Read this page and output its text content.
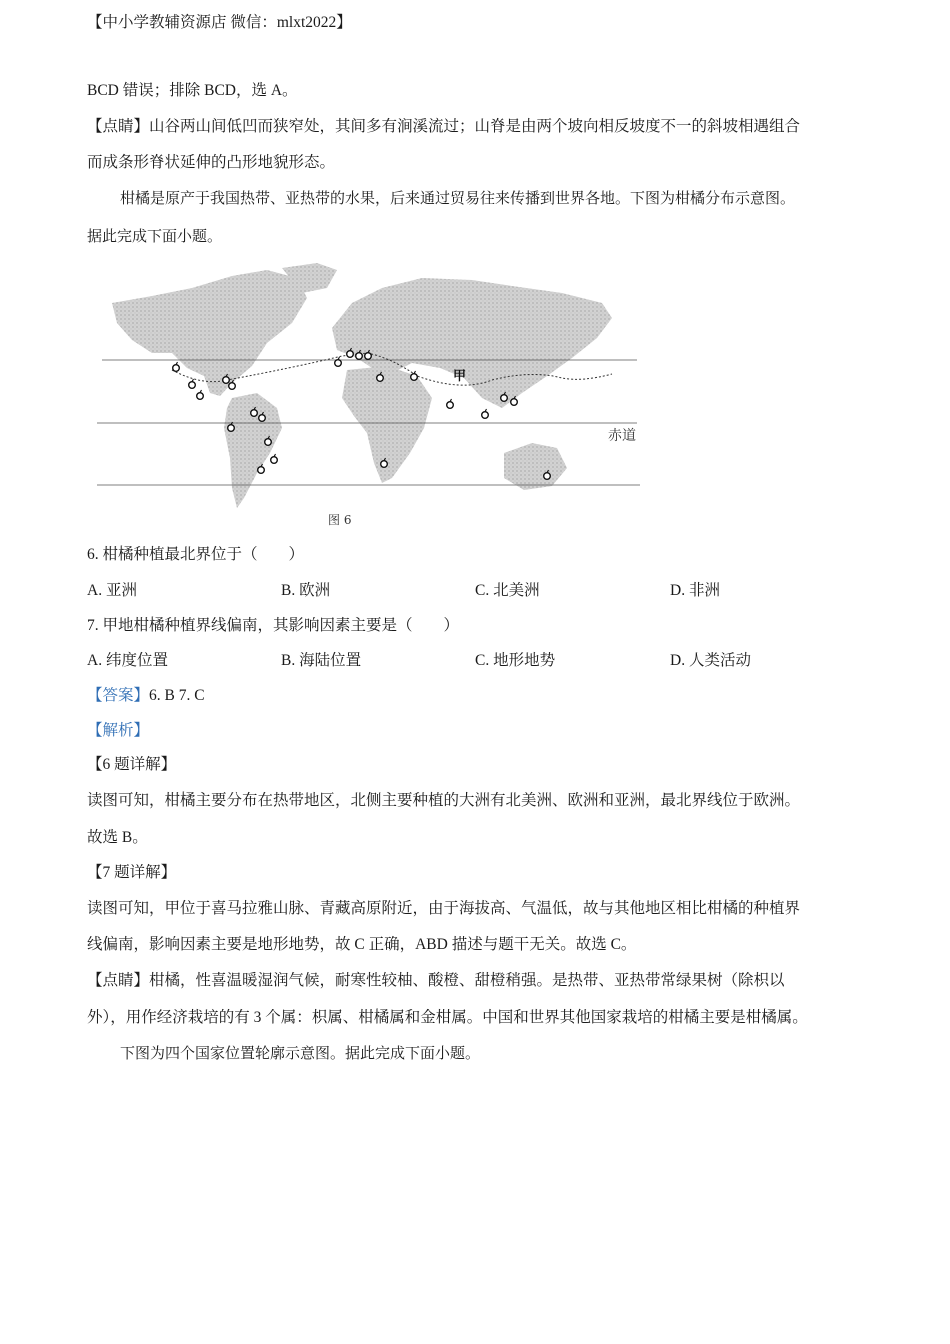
【中小学教辅资源店 微信：mlxt2022】
BCD 错误；排除 BCD，选 A。
【点睛】山谷两山间低凹而狭窄处，其间多有涧溪流过；山脊是由两个坡向相反坡度不一的斜坡相遇组合
而成条形脊状延伸的凸形地貌形态。
柑橘是原产于我国热带、亚热带的水果，后来通过贸易往来传播到世界各地。下图为柑橘分布示意图。
据此完成下面小题。
甲
赤道
图 6
6. 柑橘种植最北界位于（　　）
A. 亚洲	B. 欧洲	C. 北美洲	D. 非洲
7. 甲地柑橘种植界线偏南，其影响因素主要是（　　）
A. 纬度位置	B. 海陆位置	C. 地形地势	D. 人类活动
【答案】6. B 7. C
【解析】
【6 题详解】
读图可知，柑橘主要分布在热带地区，北侧主要种植的大洲有北美洲、欧洲和亚洲，最北界线位于欧洲。
故选 B。
【7 题详解】
读图可知，甲位于喜马拉雅山脉、青藏高原附近，由于海拔高、气温低，故与其他地区相比柑橘的种植界
线偏南，影响因素主要是地形地势，故 C 正确，ABD 描述与题干无关。故选 C。
【点睛】柑橘，性喜温暖湿润气候，耐寒性较柚、酸橙、甜橙稍强。是热带、亚热带常绿果树（除枳以
外），用作经济栽培的有 3 个属：枳属、柑橘属和金柑属。中国和世界其他国家栽培的柑橘主要是柑橘属。
下图为四个国家位置轮廓示意图。据此完成下面小题。
